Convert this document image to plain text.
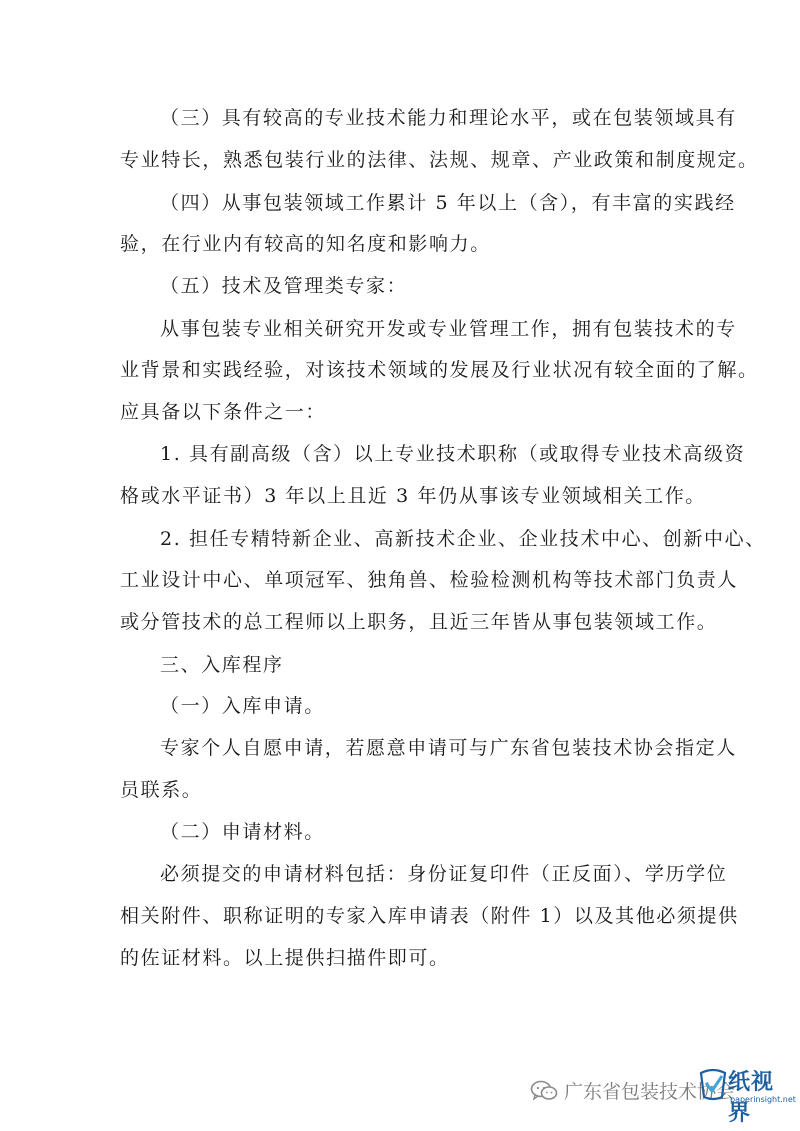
（三）具有较高的专业技术能力和理论水平，或在包装领域具有
专业特长，熟悉包装行业的法律、法规、规章、产业政策和制度规定。
（四）从事包装领域工作累计 5 年以上（含），有丰富的实践经
验，在行业内有较高的知名度和影响力。
（五）技术及管理类专家：
从事包装专业相关研究开发或专业管理工作，拥有包装技术的专
业背景和实践经验，对该技术领域的发展及行业状况有较全面的了解。
应具备以下条件之一：
1. 具有副高级（含）以上专业技术职称（或取得专业技术高级资
格或水平证书）3 年以上且近 3 年仍从事该专业领域相关工作。
2. 担任专精特新企业、高新技术企业、企业技术中心、创新中心、
工业设计中心、单项冠军、独角兽、检验检测机构等技术部门负责人
或分管技术的总工程师以上职务，且近三年皆从事包装领域工作。
三、入库程序
（一）入库申请。
专家个人自愿申请，若愿意申请可与广东省包装技术协会指定人
员联系。
（二）申请材料。
必须提交的申请材料包括：身份证复印件（正反面）、学历学位
相关附件、职称证明的专家入库申请表（附件 1）以及其他必须提供
的佐证材料。以上提供扫描件即可。
广东省包装技术协会
纸视界
paperinsight.net
